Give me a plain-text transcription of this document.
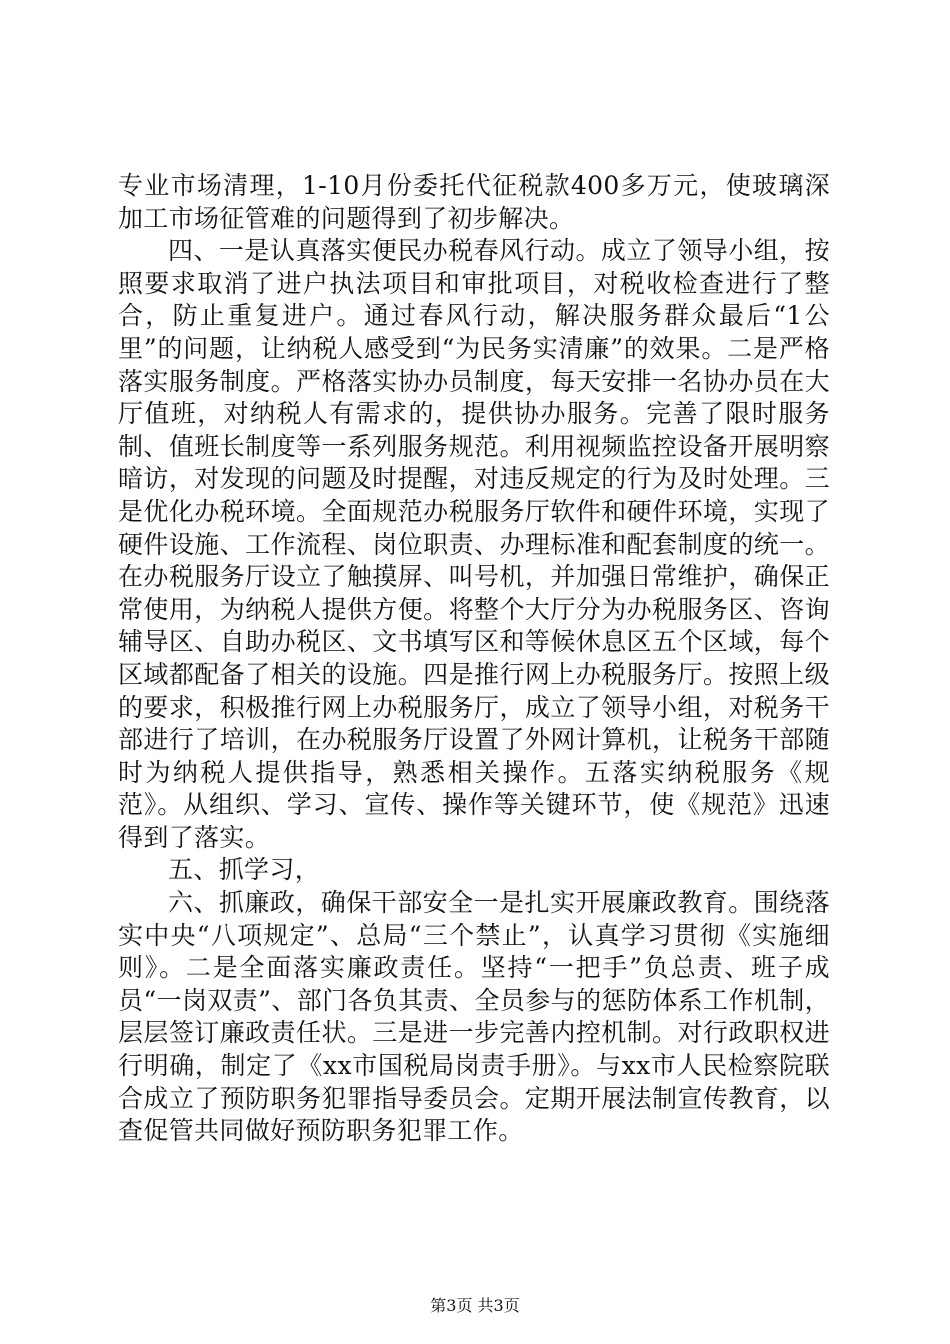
专业市场清理，1-10月份委托代征税款400多万元，使玻璃深加工市场征管难的问题得到了初步解决。

四、一是认真落实便民办税春风行动。成立了领导小组，按照要求取消了进户执法项目和审批项目，对税收检查进行了整合，防止重复进户。通过春风行动，解决服务群众最后“1公里”的问题，让纳税人感受到“为民务实清廉”的效果。二是严格落实服务制度。严格落实协办员制度，每天安排一名协办员在大厅值班，对纳税人有需求的，提供协办服务。完善了限时服务制、值班长制度等一系列服务规范。利用视频监控设备开展明察暗访，对发现的问题及时提醒，对违反规定的行为及时处理。三是优化办税环境。全面规范办税服务厅软件和硬件环境，实现了硬件设施、工作流程、岗位职责、办理标准和配套制度的统一。在办税服务厅设立了触摸屏、叫号机，并加强日常维护，确保正常使用，为纳税人提供方便。将整个大厅分为办税服务区、咨询辅导区、自助办税区、文书填写区和等候休息区五个区域，每个区域都配备了相关的设施。四是推行网上办税服务厅。按照上级的要求，积极推行网上办税服务厅，成立了领导小组，对税务干部进行了培训，在办税服务厅设置了外网计算机，让税务干部随时为纳税人提供指导，熟悉相关操作。五落实纳税服务《规范》。从组织、学习、宣传、操作等关键环节，使《规范》迅速得到了落实。

五、抓学习，

六、抓廉政，确保干部安全一是扎实开展廉政教育。围绕落实中央“八项规定”、总局“三个禁止”，认真学习贯彻《实施细则》。二是全面落实廉政责任。坚持“一把手”负总责、班子成员“一岗双责”、部门各负其责、全员参与的惩防体系工作机制，层层签订廉政责任状。三是进一步完善内控机制。对行政职权进行明确，制定了《xx市国税局岗责手册》。与xx市人民检察院联合成立了预防职务犯罪指导委员会。定期开展法制宣传教育，以查促管共同做好预防职务犯罪工作。

第3页 共3页
